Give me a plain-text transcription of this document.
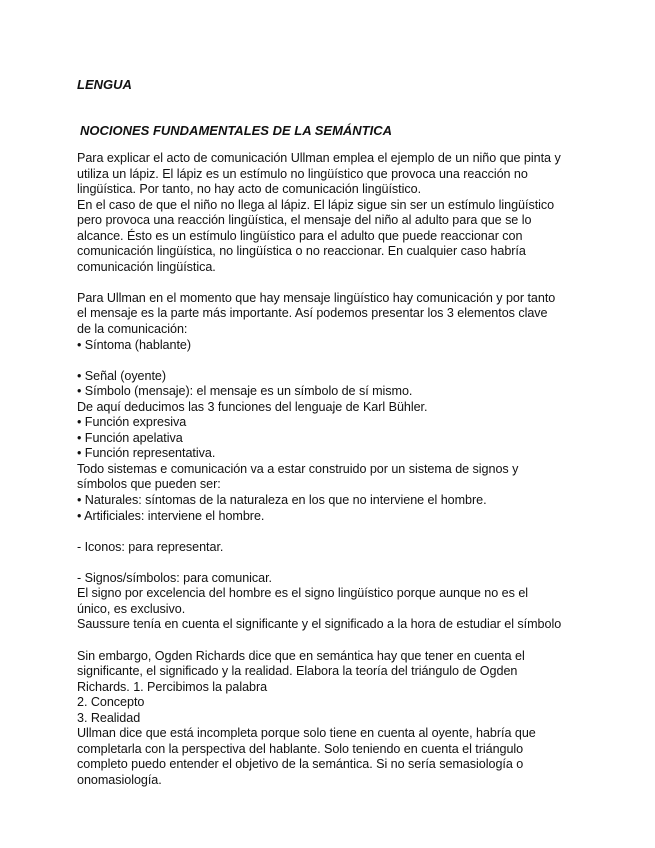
LENGUA
NOCIONES FUNDAMENTALES DE LA SEMÁNTICA
Para explicar el acto de comunicación Ullman emplea el ejemplo de un niño que pinta y
utiliza un lápiz. El lápiz es un estímulo no lingüístico que provoca una reacción no
lingüística. Por tanto, no hay acto de comunicación lingüístico.
En el caso de que el niño no llega al lápiz. El lápiz sigue sin ser un estímulo lingüístico
pero provoca una reacción lingüística, el mensaje del niño al adulto para que se lo
alcance. Ésto es un estímulo lingüístico para el adulto que puede reaccionar con
comunicación lingüística, no lingüística o no reaccionar. En cualquier caso habría
comunicación lingüística.
Para Ullman en el momento que hay mensaje lingüístico hay comunicación y por tanto
el mensaje es la parte más importante. Así podemos presentar los 3 elementos clave
de la comunicación:
• Síntoma (hablante)
• Señal (oyente)
• Símbolo (mensaje): el mensaje es un símbolo de sí mismo.
De aquí deducimos las 3 funciones del lenguaje de Karl Bühler.
• Función expresiva
• Función apelativa
• Función representativa.
Todo sistemas e comunicación va a estar construido por un sistema de signos y
símbolos que pueden ser:
• Naturales: síntomas de la naturaleza en los que no interviene el hombre.
• Artificiales: interviene el hombre.
- Iconos: para representar.
- Signos/símbolos: para comunicar.
El signo por excelencia del hombre es el signo lingüístico porque aunque no es el
único, es exclusivo.
Saussure tenía en cuenta el significante y el significado a la hora de estudiar el símbolo
Sin embargo, Ogden Richards dice que en semántica hay que tener en cuenta el
significante, el significado y la realidad. Elabora la teoría del triángulo de Ogden
Richards. 1. Percibimos la palabra
2. Concepto
3. Realidad
Ullman dice que está incompleta porque solo tiene en cuenta al oyente, habría que
completarla con la perspectiva del hablante. Solo teniendo en cuenta el triángulo
completo puedo entender el objetivo de la semántica. Si no sería semasiología o
onomasiología.
